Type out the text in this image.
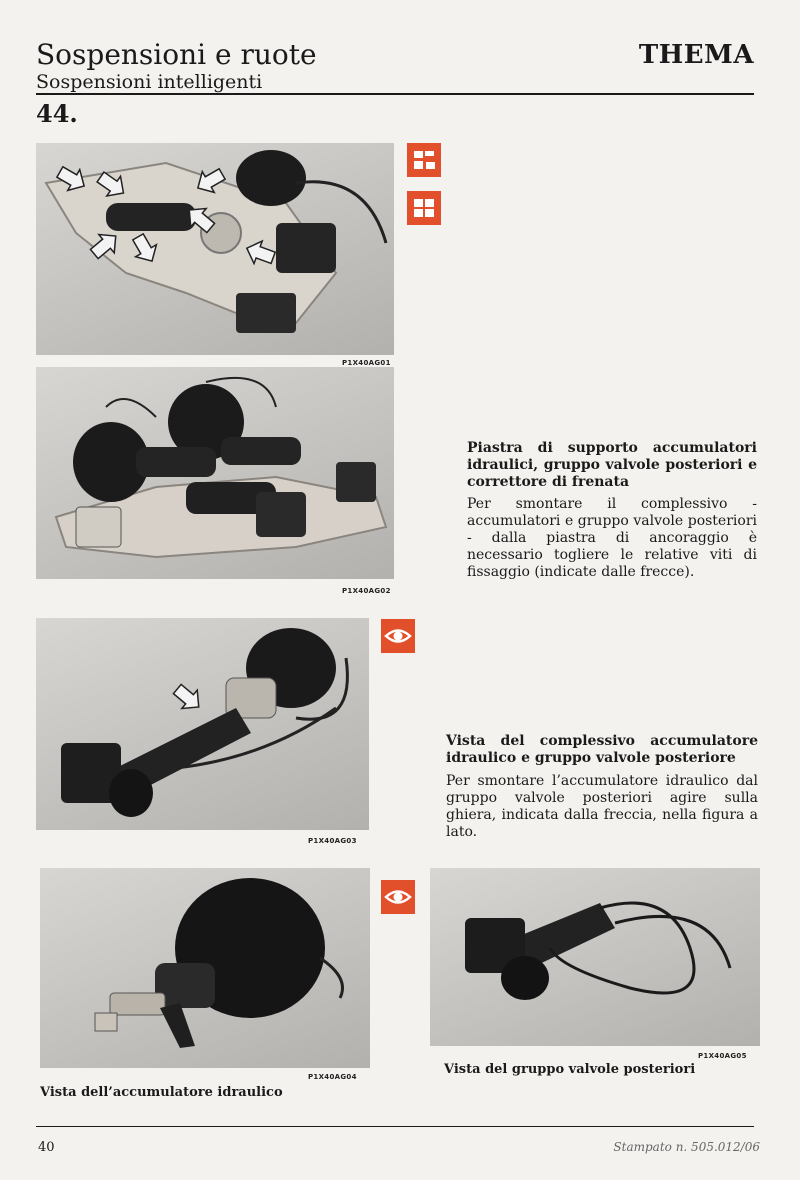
Sospensioni e ruote
Sospensioni intelligenti
THEMA
44.
P1X40AG01
P1X40AG02
Piastra di supporto accumulatori idraulici, gruppo valvole posteriori e correttore di frenata
Per smontare il complessivo - accumulatori e gruppo valvole posteriori - dalla piastra di ancoraggio è necessario togliere le relative viti di fissaggio (indicate dalle frecce).
P1X40AG03
Vista del complessivo accumulatore idraulico e gruppo valvole posteriore
Per smontare l’accumulatore idraulico dal gruppo valvole posteriori agire sulla ghiera, indicata dalla freccia, nella figura a lato.
P1X40AG04
Vista dell’accumulatore idraulico
P1X40AG05
Vista del gruppo valvole posteriori
40	Stampato n. 505.012/06
